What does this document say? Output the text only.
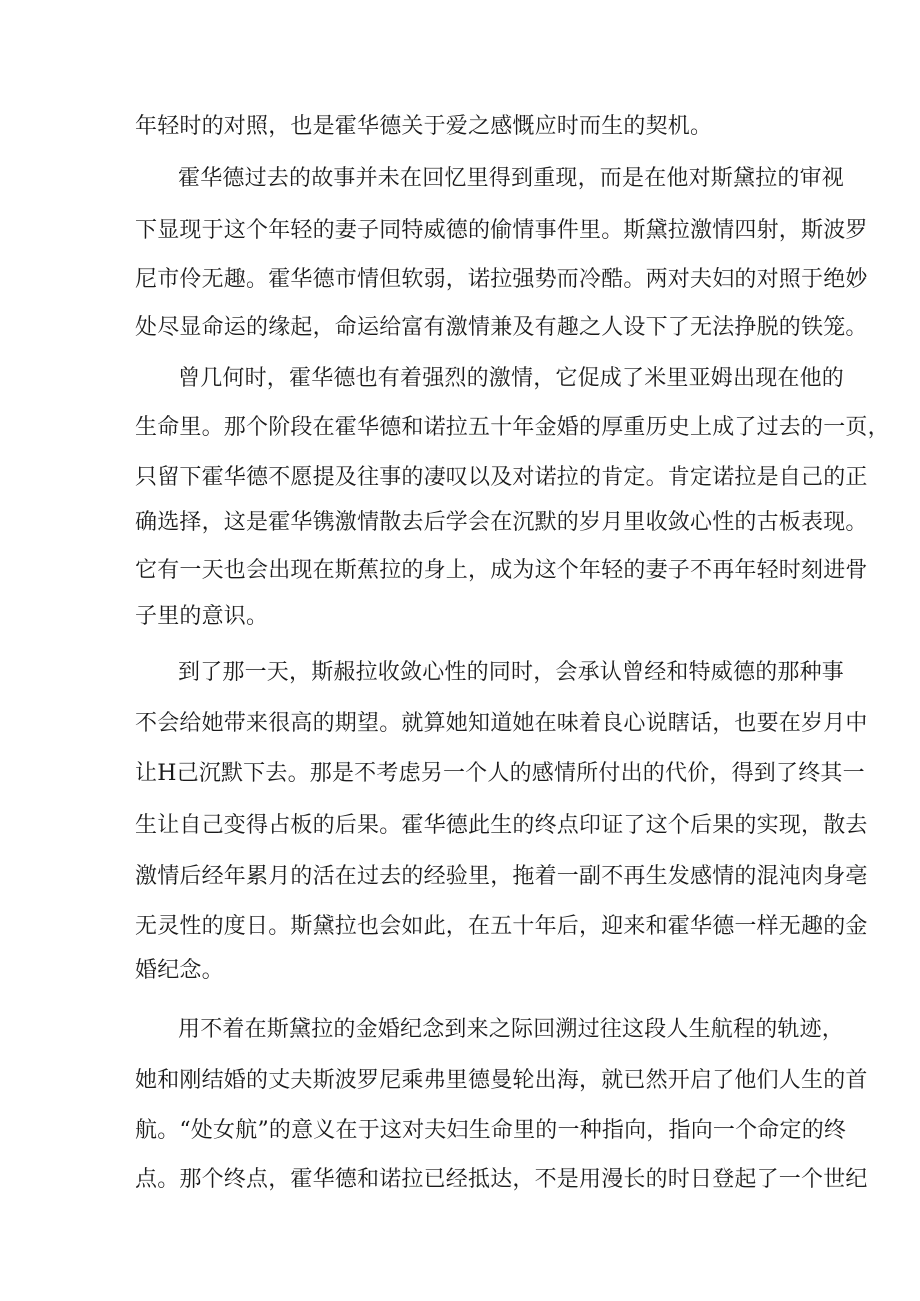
年轻时的对照，也是霍华德关于爱之感慨应时而生的契机。
霍华德过去的故事并未在回忆里得到重现，而是在他对斯黛拉的审视
下显现于这个年轻的妻子同特威德的偷情事件里。斯黛拉激情四射，斯波罗
尼市伶无趣。霍华德市情但软弱，诺拉强势而冷酷。两对夫妇的对照于绝妙
处尽显命运的缘起，命运给富有激情兼及有趣之人设下了无法挣脱的铁笼。
曾几何时，霍华德也有着强烈的激情，它促成了米里亚姆出现在他的
生命里。那个阶段在霍华德和诺拉五十年金婚的厚重历史上成了过去的一页，
只留下霍华德不愿提及往事的凄叹以及对诺拉的肯定。肯定诺拉是自己的正
确选择，这是霍华镌激情散去后学会在沉默的岁月里收敛心性的古板表现。
它有一天也会出现在斯蕉拉的身上，成为这个年轻的妻子不再年轻时刻进骨
子里的意识。
到了那一天，斯赧拉收敛心性的同时，会承认曾经和特威德的那种事
不会给她带来很高的期望。就算她知道她在味着良心说瞎话，也要在岁月中
让H己沉默下去。那是不考虑另一个人的感情所付出的代价，得到了终其一
生让自己变得占板的后果。霍华德此生的终点印证了这个后果的实现，散去
激情后经年累月的活在过去的经验里，拖着一副不再生发感情的混沌肉身亳
无灵性的度日。斯黛拉也会如此，在五十年后，迎来和霍华德一样无趣的金
婚纪念。
用不着在斯黛拉的金婚纪念到来之际回溯过往这段人生航程的轨迹，
她和刚结婚的丈夫斯波罗尼乘弗里德曼轮出海，就已然开启了他们人生的首
航。“处女航”的意义在于这对夫妇生命里的一种指向，指向一个命定的终
点。那个终点，霍华德和诺拉已经抵达，不是用漫长的时日登起了一个世纪
